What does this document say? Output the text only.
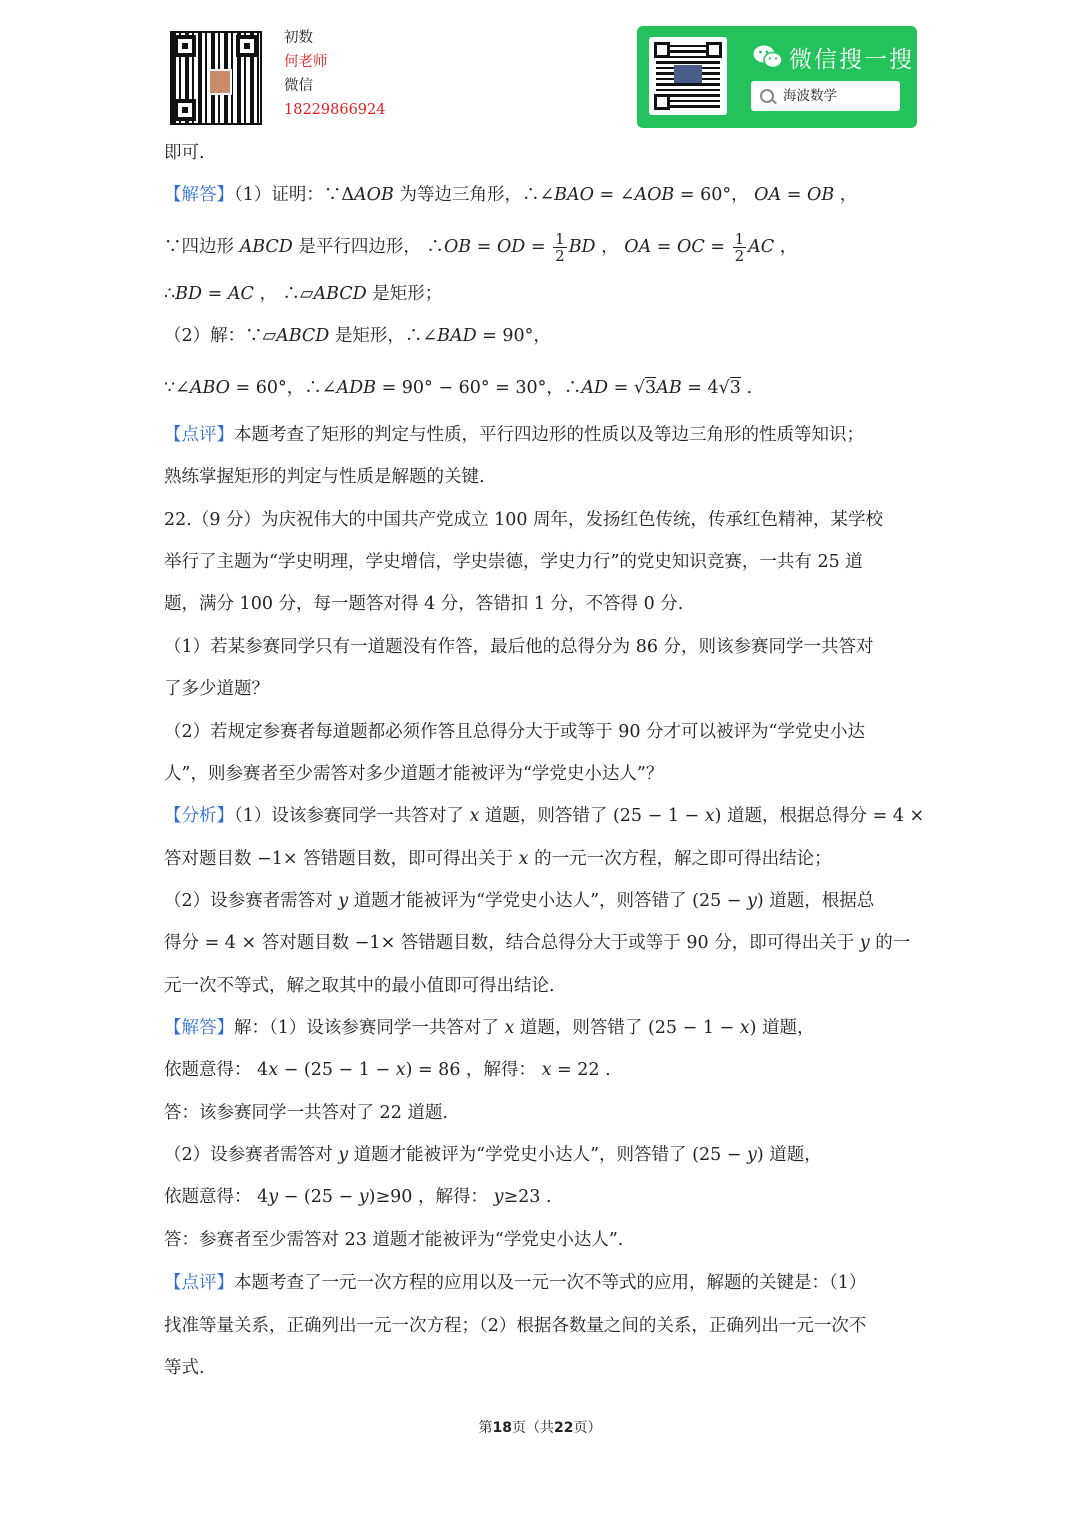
初数
何老师
微信
18229866924
微信搜一搜
海波数学
即可.
【解答】（1）证明：∵ΔAOB 为等边三角形，∴∠BAO = ∠AOB = 60°， OA = OB ，
∵四边形 ABCD 是平行四边形， ∴OB = OD = $\frac{1}{2}$ BD ， OA = OC = $\frac{1}{2}$ AC ，
∴BD = AC ， ∴▱ABCD 是矩形；
（2）解：∵▱ABCD 是矩形，∴∠BAD = 90°，
∵∠ABO = 60°，∴∠ADB = 90° − 60° = 30°，∴AD = √3AB = 4√3 .
【点评】本题考查了矩形的判定与性质，平行四边形的性质以及等边三角形的性质等知识；
熟练掌握矩形的判定与性质是解题的关键.
22.（9 分）为庆祝伟大的中国共产党成立 100 周年，发扬红色传统，传承红色精神，某学校
举行了主题为“学史明理，学史增信，学史崇德，学史力行”的党史知识竞赛，一共有 25 道
题，满分 100 分，每一题答对得 4 分，答错扣 1 分，不答得 0 分.
（1）若某参赛同学只有一道题没有作答，最后他的总得分为 86 分，则该参赛同学一共答对
了多少道题？
（2）若规定参赛者每道题都必须作答且总得分大于或等于 90 分才可以被评为“学党史小达
人”，则参赛者至少需答对多少道题才能被评为“学党史小达人”？
【分析】（1）设该参赛同学一共答对了 x 道题，则答错了 (25 − 1 − x) 道题，根据总得分 = 4 ×
答对题目数 −1× 答错题目数，即可得出关于 x 的一元一次方程，解之即可得出结论；
（2）设参赛者需答对 y 道题才能被评为“学党史小达人”，则答错了 (25 − y) 道题，根据总
得分 = 4 × 答对题目数 −1× 答错题目数，结合总得分大于或等于 90 分，即可得出关于 y 的一
元一次不等式，解之取其中的最小值即可得出结论.
【解答】解：（1）设该参赛同学一共答对了 x 道题，则答错了 (25 − 1 − x) 道题，
依题意得： 4x − (25 − 1 − x) = 86 ，解得： x = 22 .
答：该参赛同学一共答对了 22 道题.
（2）设参赛者需答对 y 道题才能被评为“学党史小达人”，则答错了 (25 − y) 道题，
依题意得： 4y − (25 − y)≥90 ，解得： y≥23 .
答：参赛者至少需答对 23 道题才能被评为“学党史小达人”.
【点评】本题考查了一元一次方程的应用以及一元一次不等式的应用，解题的关键是：（1）
找准等量关系，正确列出一元一次方程；（2）根据各数量之间的关系，正确列出一元一次不
等式.
第18页（共22页）
